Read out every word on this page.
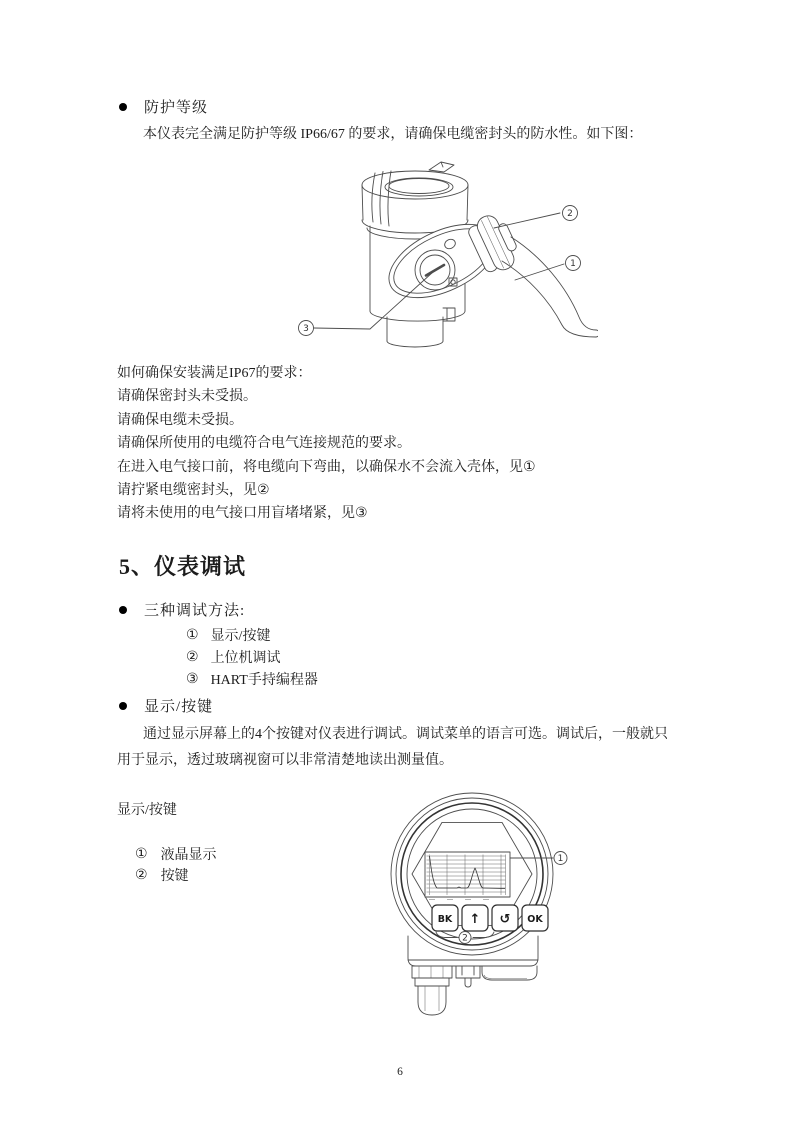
防护等级
本仪表完全满足防护等级 IP66/67 的要求，请确保电缆密封头的防水性。如下图：
2
1
3
如何确保安装满足IP67的要求：
请确保密封头未受损。
请确保电缆未受损。
请确保所使用的电缆符合电气连接规范的要求。
在进入电气接口前，将电缆向下弯曲，以确保水不会流入壳体，见①
请拧紧电缆密封头，见②
请将未使用的电气接口用盲堵堵紧，见③
5、仪表调试
三种调试方法:
① 显示/按键
② 上位机调试
③ HART手持编程器
显示/按键
通过显示屏幕上的4个按键对仪表进行调试。调试菜单的语言可选。调试后，一般就只
用于显示，透过玻璃视窗可以非常清楚地读出测量值。
显示/按键
① 液晶显示
② 按键
1
BK ↑ ↺ OK
2
6
